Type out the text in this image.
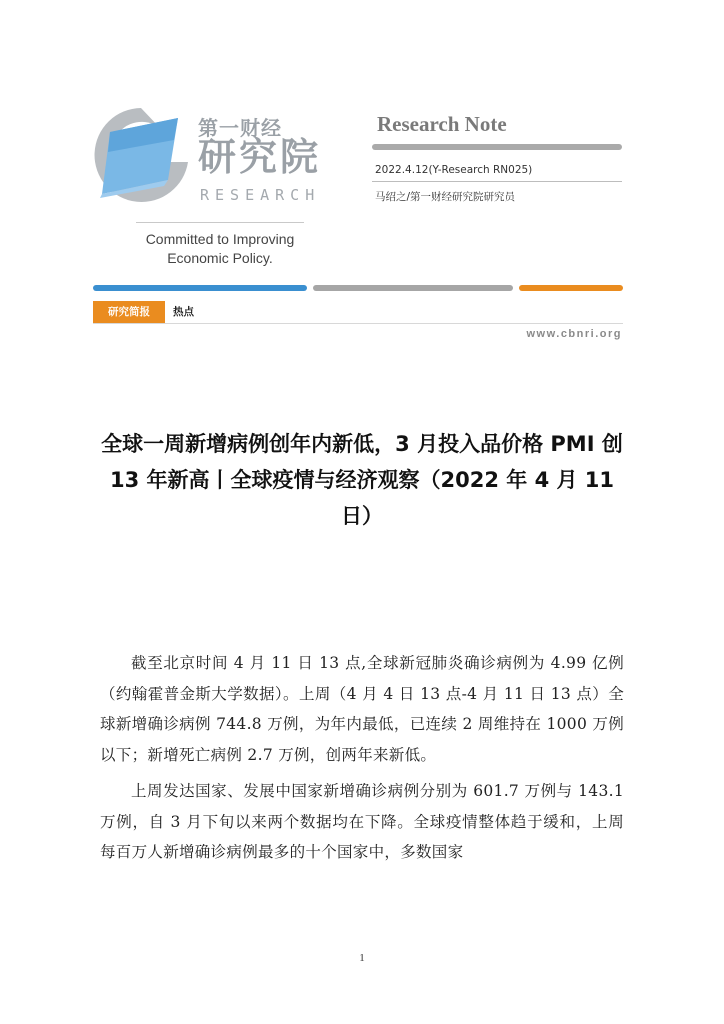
第一财经
研究院
RESEARCH
Committed to Improving
Economic Policy.
Research Note
2022.4.12(Y-Research RN025)
马绍之/第一财经研究院研究员
研究简报	热点
www.cbnri.org
全球一周新增病例创年内新低，3 月投入品价格 PMI 创 13 年新高丨全球疫情与经济观察（2022 年 4 月 11 日）

截至北京时间 4 月 11 日 13 点,全球新冠肺炎确诊病例为 4.99 亿例（约翰霍普金斯大学数据）。上周（4 月 4 日 13 点-4 月 11 日 13 点）全球新增确诊病例 744.8 万例，为年内最低，已连续 2 周维持在 1000 万例以下；新增死亡病例 2.7 万例，创两年来新低。

上周发达国家、发展中国家新增确诊病例分别为 601.7 万例与 143.1 万例，自 3 月下旬以来两个数据均在下降。全球疫情整体趋于缓和，上周每百万人新增确诊病例最多的十个国家中，多数国家

1
